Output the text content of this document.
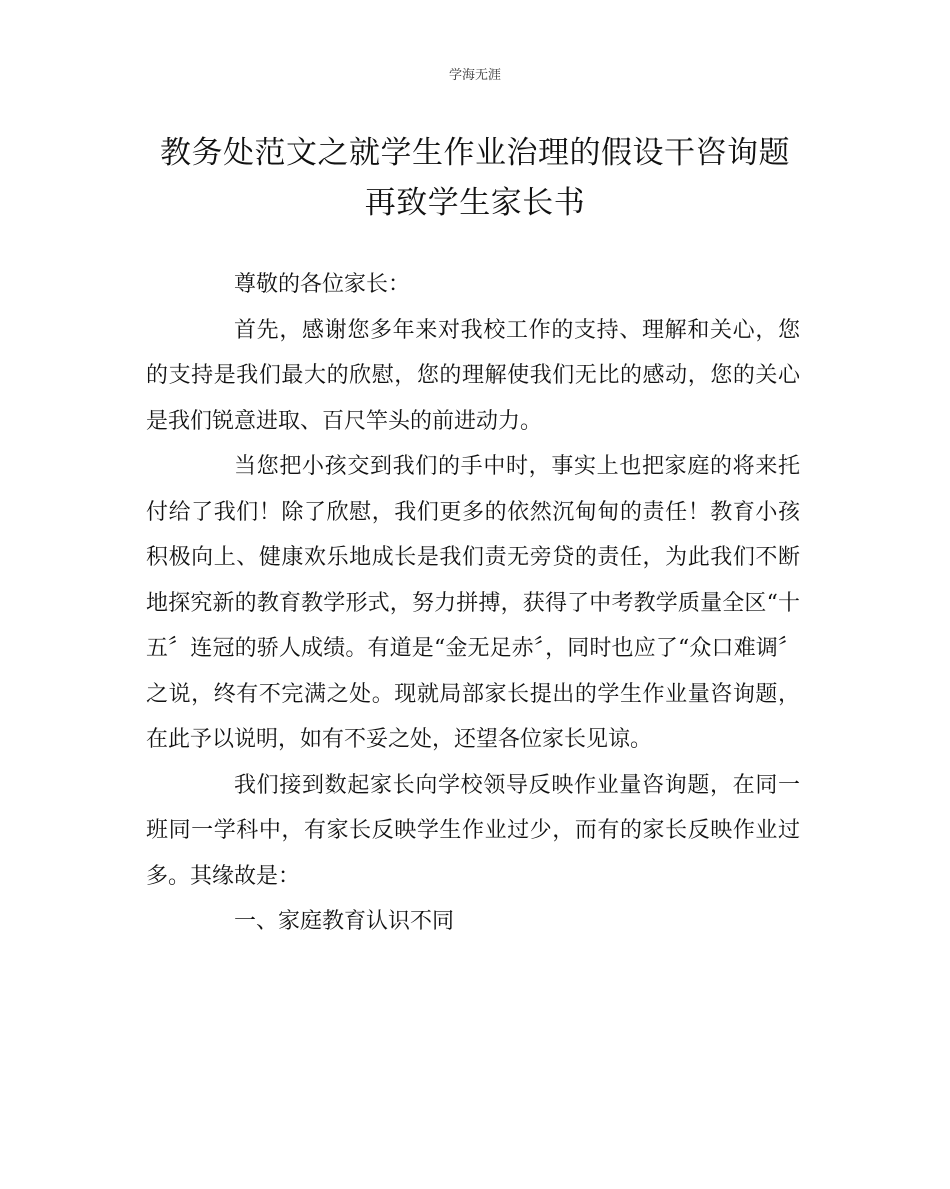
学海无涯
教务处范文之就学生作业治理的假设干咨询题再致学生家长书

尊敬的各位家长：

首先，感谢您多年来对我校工作的支持、理解和关心，您的支持是我们最大的欣慰，您的理解使我们无比的感动，您的关心是我们锐意进取、百尺竿头的前进动力。

当您把小孩交到我们的手中时，事实上也把家庭的将来托付给了我们！除了欣慰，我们更多的依然沉甸甸的责任！教育小孩积极向上、健康欢乐地成长是我们责无旁贷的责任，为此我们不断地探究新的教育教学形式，努力拼搏，获得了中考教学质量全区“十五〞连冠的骄人成绩。有道是“金无足赤〞，同时也应了“众口难调〞之说，终有不完满之处。现就局部家长提出的学生作业量咨询题，在此予以说明，如有不妥之处，还望各位家长见谅。

我们接到数起家长向学校领导反映作业量咨询题，在同一班同一学科中，有家长反映学生作业过少，而有的家长反映作业过多。其缘故是：

一、家庭教育认识不同
